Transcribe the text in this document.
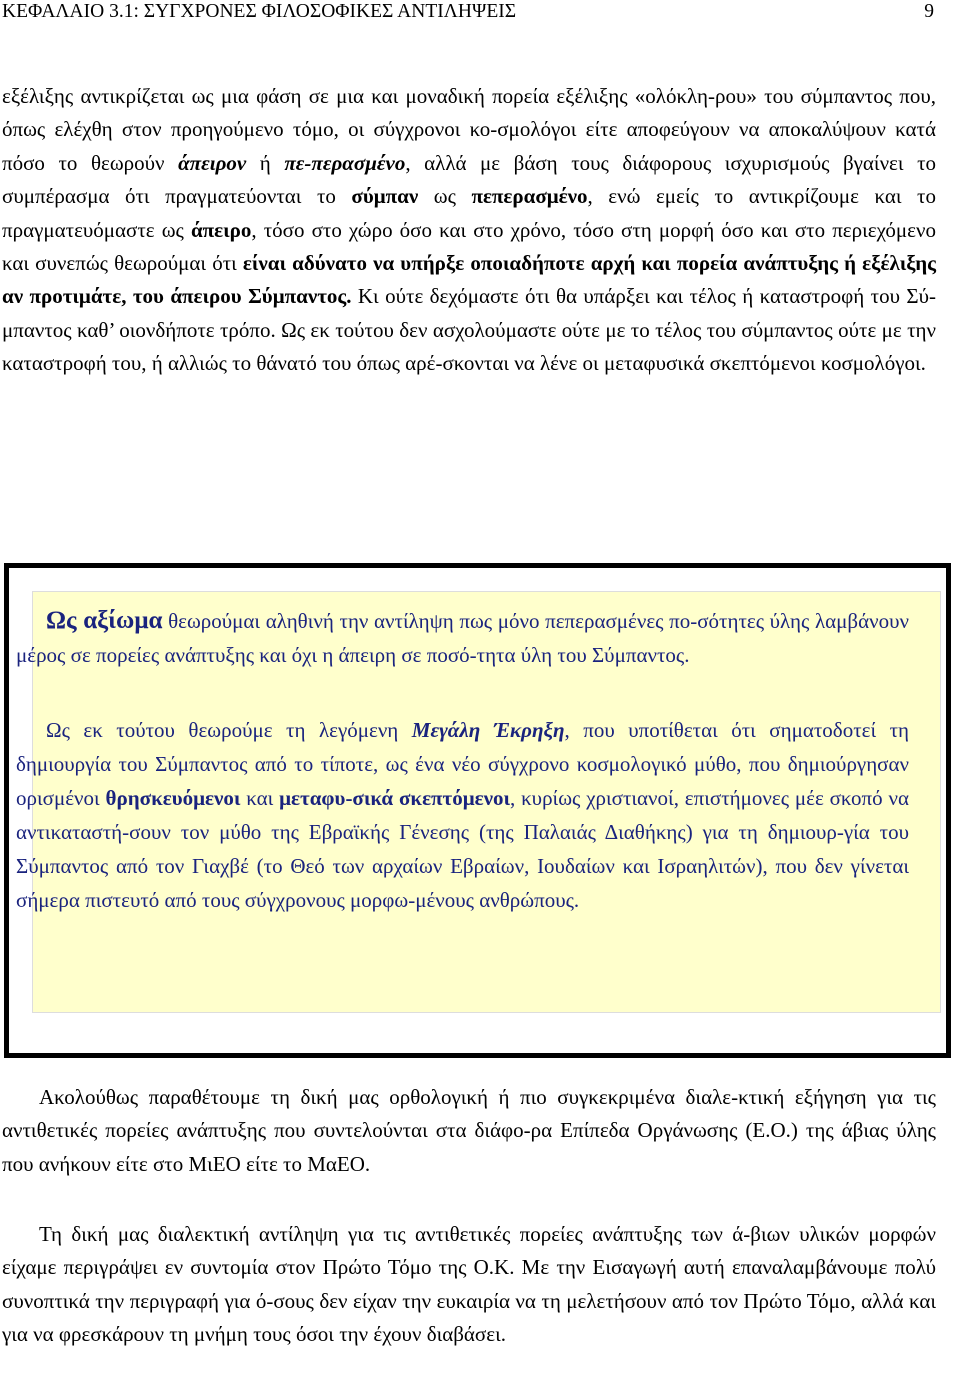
ΚΕΦΑΛΑΙΟ 3.1: ΣΥΓΧΡΟΝΕΣ ΦΙΛΟΣΟΦΙΚΕΣ ΑΝΤΙΛΗΨΕΙΣ	9

εξέλιξης αντικρίζεται ως μια φάση σε μια και μοναδική πορεία εξέλιξης «ολόκλη-ρου» του σύμπαντος που, όπως ελέχθη στον προηγούμενο τόμο, οι σύγχρονοι κο-σμολόγοι είτε αποφεύγουν να αποκαλύψουν κατά πόσο το θεωρούν άπειρον ή πε-περασμένο, αλλά με βάση τους διάφορους ισχυρισμούς βγαίνει το συμπέρασμα ότι πραγματεύονται το σύμπαν ως πεπερασμένο, ενώ εμείς το αντικρίζουμε και το πραγματευόμαστε ως άπειρο, τόσο στο χώρο όσο και στο χρόνο, τόσο στη μορφή όσο και στο περιεχόμενο και συνεπώς θεωρούμαι ότι είναι αδύνατο να υπήρξε οποιαδήποτε αρχή και πορεία ανάπτυξης ή εξέλιξης αν προτιμάτε, του άπειρου Σύμπαντος. Κι ούτε δεχόμαστε ότι θα υπάρξει και τέλος ή καταστροφή του Σύ-μπαντος καθ’ οιονδήποτε τρόπο. Ως εκ τούτου δεν ασχολούμαστε ούτε με το τέλος του σύμπαντος ούτε με την καταστροφή του, ή αλλιώς το θάνατό του όπως αρέ-σκονται να λένε οι μεταφυσικά σκεπτόμενοι κοσμολόγοι.

Ως αξίωμα θεωρούμαι αληθινή την αντίληψη πως μόνο πεπερασμένες πο-σότητες ύλης λαμβάνουν μέρος σε πορείες ανάπτυξης και όχι η άπειρη σε ποσό-τητα ύλη του Σύμπαντος.

Ως εκ τούτου θεωρούμε τη λεγόμενη Μεγάλη Έκρηξη, που υποτίθεται ότι σηματοδοτεί τη δημιουργία του Σύμπαντος από το τίποτε, ως ένα νέο σύγχρονο κοσμολογικό μύθο, που δημιούργησαν ορισμένοι θρησκευόμενοι και μεταφυ-σικά σκεπτόμενοι, κυρίως χριστιανοί, επιστήμονες μέε σκοπό να αντικαταστή-σουν τον μύθο της Εβραϊκής Γένεσης (της Παλαιάς Διαθήκης) για τη δημιουρ-γία του Σύμπαντος από τον Γιαχβέ (το Θεό των αρχαίων Εβραίων, Ιουδαίων και Ισραηλιτών), που δεν γίνεται σήμερα πιστευτό από τους σύγχρονους μορφω-μένους ανθρώπους.

Ακολούθως παραθέτουμε τη δική μας ορθολογική ή πιο συγκεκριμένα διαλε-κτική εξήγηση για τις αντιθετικές πορείες ανάπτυξης που συντελούνται στα διάφο-ρα Επίπεδα Οργάνωσης (Ε.Ο.) της άβιας ύλης που ανήκουν είτε στο ΜιΕΟ είτε το ΜαΕΟ.

Τη δική μας διαλεκτική αντίληψη για τις αντιθετικές πορείες ανάπτυξης των ά-βιων υλικών μορφών είχαμε περιγράψει εν συντομία στον Πρώτο Τόμο της Ο.Κ. Με την Εισαγωγή αυτή επαναλαμβάνουμε πολύ συνοπτικά την περιγραφή για ό-σους δεν είχαν την ευκαιρία να τη μελετήσουν από τον Πρώτο Τόμο, αλλά και για να φρεσκάρουν τη μνήμη τους όσοι την έχουν διαβάσει.
